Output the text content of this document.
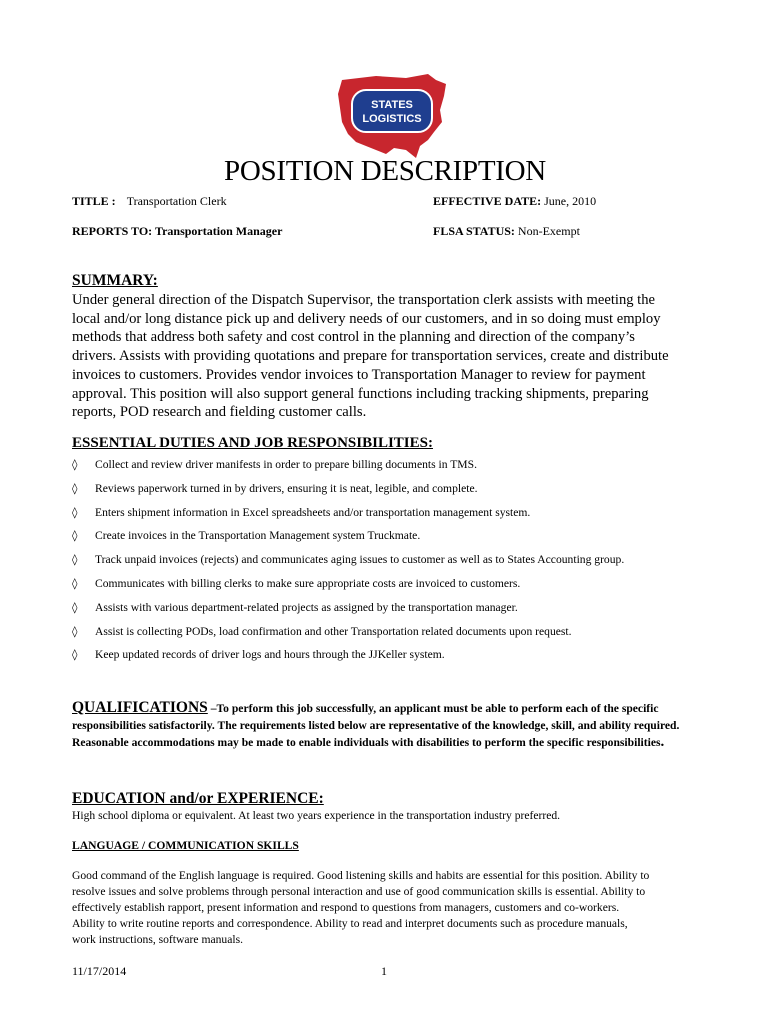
STATES
LOGISTICS
POSITION DESCRIPTION
TITLE : Transportation Clerk	EFFECTIVE DATE: June, 2010
REPORTS TO: Transportation Manager	FLSA STATUS: Non-Exempt
SUMMARY:
Under general direction of the Dispatch Supervisor, the transportation clerk assists with meeting the
local and/or long distance pick up and delivery needs of our customers, and in so doing must employ
methods that address both safety and cost control in the planning and direction of the company’s
drivers. Assists with providing quotations and prepare for transportation services, create and distribute
invoices to customers. Provides vendor invoices to Transportation Manager to review for payment
approval. This position will also support general functions including tracking shipments, preparing
reports, POD research and fielding customer calls.
ESSENTIAL DUTIES AND JOB RESPONSIBILITIES:
◊ Collect and review driver manifests in order to prepare billing documents in TMS.
◊ Reviews paperwork turned in by drivers, ensuring it is neat, legible, and complete.
◊ Enters shipment information in Excel spreadsheets and/or transportation management system.
◊ Create invoices in the Transportation Management system Truckmate.
◊ Track unpaid invoices (rejects) and communicates aging issues to customer as well as to States Accounting group.
◊ Communicates with billing clerks to make sure appropriate costs are invoiced to customers.
◊ Assists with various department-related projects as assigned by the transportation manager.
◊ Assist is collecting PODs, load confirmation and other Transportation related documents upon request.
◊ Keep updated records of driver logs and hours through the JJKeller system.
QUALIFICATIONS –To perform this job successfully, an applicant must be able to perform each of the specific responsibilities satisfactorily. The requirements listed below are representative of the knowledge, skill, and ability required. Reasonable accommodations may be made to enable individuals with disabilities to perform the specific responsibilities.
EDUCATION and/or EXPERIENCE:
High school diploma or equivalent. At least two years experience in the transportation industry preferred.
LANGUAGE / COMMUNICATION SKILLS
Good command of the English language is required. Good listening skills and habits are essential for this position. Ability to
resolve issues and solve problems through personal interaction and use of good communication skills is essential. Ability to
effectively establish rapport, present information and respond to questions from managers, customers and co-workers.
Ability to write routine reports and correspondence. Ability to read and interpret documents such as procedure manuals,
work instructions, software manuals.
11/17/2014	1
